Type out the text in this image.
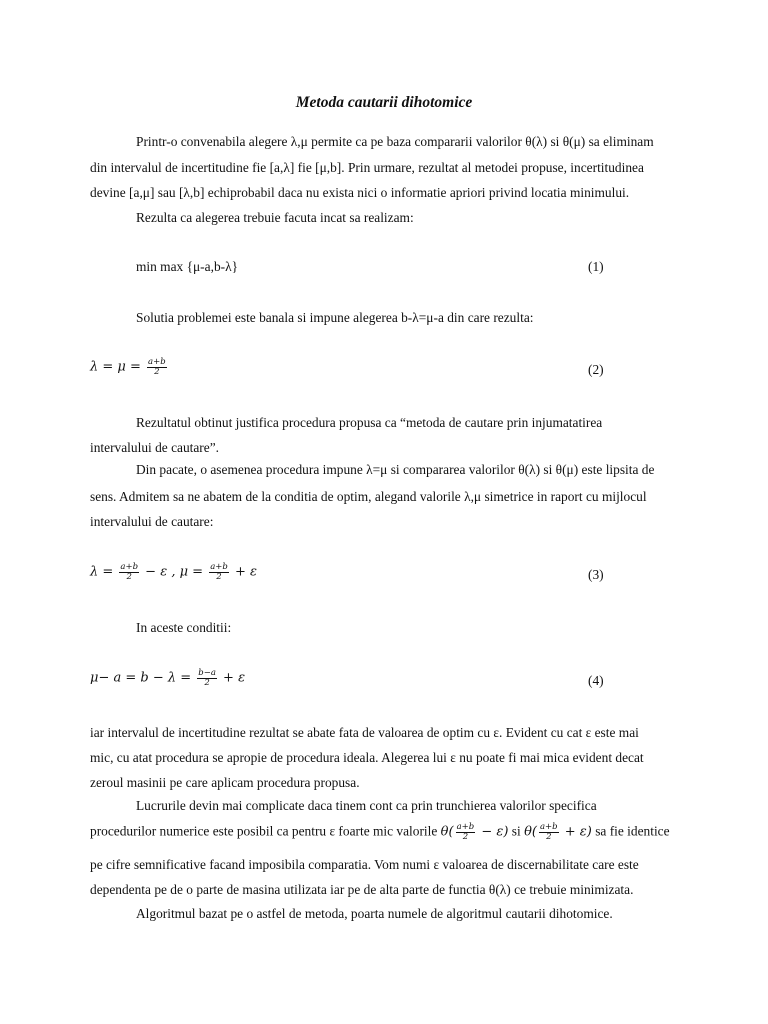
Metoda cautarii dihotomice
Printr-o convenabila alegere λ,μ permite ca pe baza compararii valorilor θ(λ) si θ(μ) sa eliminam
din intervalul de incertitudine fie [a,λ] fie [μ,b]. Prin urmare, rezultat al metodei propuse, incertitudinea
devine [a,μ] sau [λ,b] echiprobabil daca nu exista nici o informatie apriori privind locatia minimului.
Rezulta ca alegerea trebuie facuta incat sa realizam:
min max {μ-a,b-λ}	(1)
Solutia problemei este banala si impune alegerea b-λ=μ-a din care rezulta:
$\lambda = \mu = \frac{a+b}{2}$	(2)
Rezultatul obtinut justifica procedura propusa ca “metoda de cautare prin injumatatirea
intervalului de cautare”.
Din pacate, o asemenea procedura impune λ=μ si compararea valorilor θ(λ) si θ(μ) este lipsita de
sens. Admitem sa ne abatem de la conditia de optim, alegand valorile λ,μ simetrice in raport cu mijlocul
intervalului de cautare:
$\lambda = \frac{a+b}{2} - \varepsilon$ , $\mu = \frac{a+b}{2} + \varepsilon$	(3)
In aceste conditii:
$\mu- a = b - \lambda = \frac{b-a}{2} + \varepsilon$	(4)
iar intervalul de incertitudine rezultat se abate fata de valoarea de optim cu ε. Evident cu cat ε este mai
mic, cu atat procedura se apropie de procedura ideala. Alegerea lui ε nu poate fi mai mica evident decat
zeroul masinii pe care aplicam procedura propusa.
Lucrurile devin mai complicate daca tinem cont ca prin trunchierea valorilor specifica
procedurilor numerice este posibil ca pentru ε foarte mic valorile $\theta( \frac{a+b}{2} - \varepsilon)$ si $\theta( \frac{a+b}{2} + \varepsilon)$ sa fie identice
pe cifre semnificative facand imposibila comparatia. Vom numi ε valoarea de discernabilitate care este
dependenta pe de o parte de masina utilizata iar pe de alta parte de functia θ(λ) ce trebuie minimizata.
Algoritmul bazat pe o astfel de metoda, poarta numele de algoritmul cautarii dihotomice.
